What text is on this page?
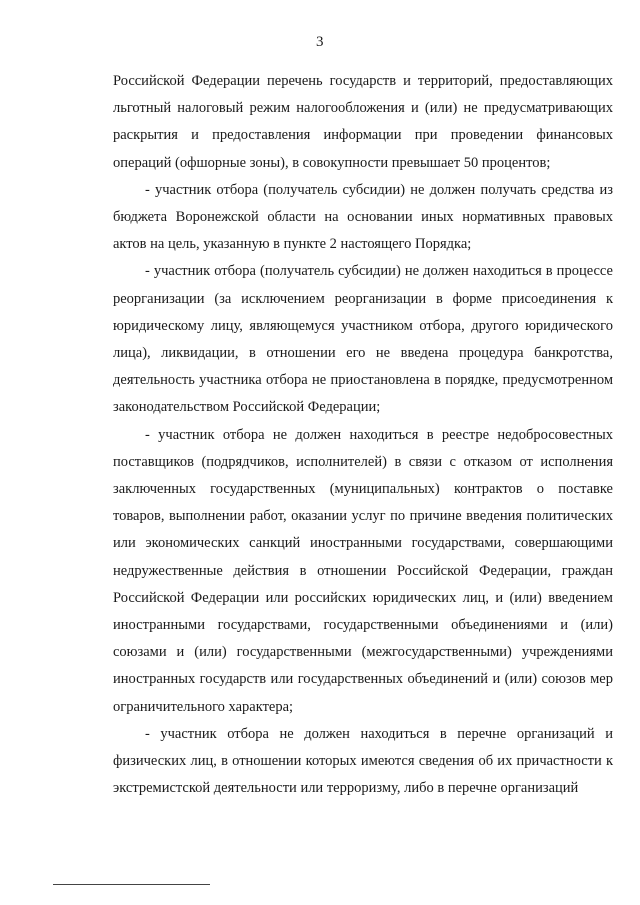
3

Российской Федерации перечень государств и территорий, предоставляющих льготный налоговый режим налогообложения и (или) не предусматривающих раскрытия и предоставления информации при проведении финансовых операций (офшорные зоны), в совокупности превышает 50 процентов;

- участник отбора (получатель субсидии) не должен получать средства из бюджета Воронежской области на основании иных нормативных правовых актов на цель, указанную в пункте 2 настоящего Порядка;

- участник отбора (получатель субсидии) не должен находиться в процессе реорганизации (за исключением реорганизации в форме присоединения к юридическому лицу, являющемуся участником отбора, другого юридического лица), ликвидации, в отношении его не введена процедура банкротства, деятельность участника отбора не приостановлена в порядке, предусмотренном законодательством Российской Федерации;

- участник отбора не должен находиться в реестре недобросовестных поставщиков (подрядчиков, исполнителей) в связи с отказом от исполнения заключенных государственных (муниципальных) контрактов о поставке товаров, выполнении работ, оказании услуг по причине введения политических или экономических санкций иностранными государствами, совершающими недружественные действия в отношении Российской Федерации, граждан Российской Федерации или российских юридических лиц, и (или) введением иностранными государствами, государственными объединениями и (или) союзами и (или) государственными (межгосударственными) учреждениями иностранных государств или государственных объединений и (или) союзов мер ограничительного характера;

- участник отбора не должен находиться в перечне организаций и физических лиц, в отношении которых имеются сведения об их причастности к экстремистской деятельности или терроризму, либо в перечне организаций
